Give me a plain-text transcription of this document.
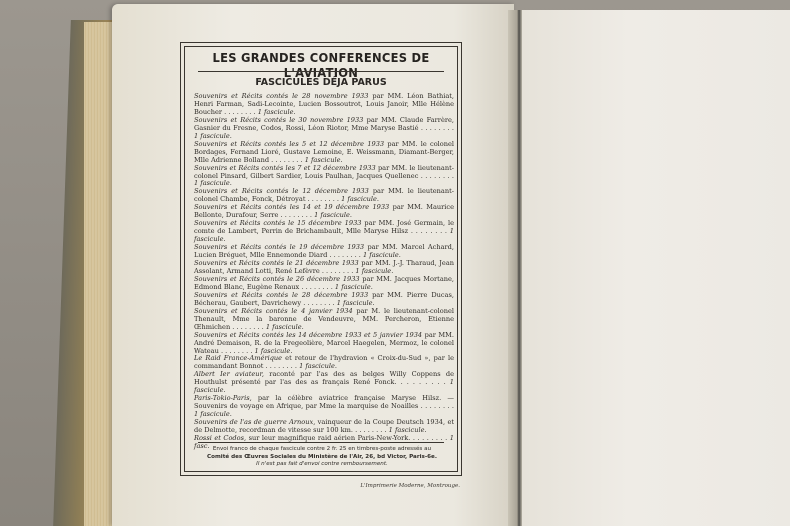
LES GRANDES CONFERENCES DE L'AVIATION
FASCICULES DÉJA PARUS

Souvenirs et Récits contés le 28 novembre 1933 par MM. Léon Bathiat, Henri Farman, Sadi-Lecointe, Lucien Bossoutrot, Louis Janoir, Mlle Hélène Boucher . . . . . . . . 1 fascicule.

Souvenirs et Récits contés le 30 novembre 1933 par MM. Claude Farrère, Gasnier du Fresne, Codos, Rossi, Léon Riotor, Mme Maryse Bastié . . . . . . . . 1 fascicule.

Souvenirs et Récits contés les 5 et 12 décembre 1933 par MM. le colonel Bordages, Fernand Lioré, Gustave Lemoine, E. Weissmann, Diamant-Berger, Mlle Adrienne Bolland . . . . . . . . 1 fascicule.

Souvenirs et Récits contés les 7 et 12 décembre 1933 par MM. le lieutenant-colonel Pinsard, Gilbert Sardier, Louis Paulhan, Jacques Quellenec . . . . . . . . 1 fascicule.

Souvenirs et Récits contés le 12 décembre 1933 par MM. le lieutenant-colonel Chambe, Fonck, Détroyat . . . . . . . . 1 fascicule.

Souvenirs et Récits contés les 14 et 19 décembre 1933 par MM. Maurice Bellonte, Durafour, Serre . . . . . . . . 1 fascicule.

Souvenirs et Récits contés le 15 décembre 1933 par MM. José Germain, le comte de Lambert, Perrin de Brichambault, Mlle Maryse Hilsz . . . . . . . . 1 fascicule.

Souvenirs et Récits contés le 19 décembre 1933 par MM. Marcel Achard, Lucien Bréguet, Mlle Ennemonde Diard . . . . . . . . 1 fascicule.

Souvenirs et Récits contés le 21 décembre 1933 par MM. J.-J. Tharaud, Jean Assolant, Armand Lotti, René Lefèvre . . . . . . . . 1 fascicule.

Souvenirs et Récits contés le 26 décembre 1933 par MM. Jacques Mortane, Edmond Blanc, Eugène Renaux . . . . . . . . 1 fascicule.

Souvenirs et Récits contés le 28 décembre 1933 par MM. Pierre Ducas, Bécherau, Gaubert, Davrichewy . . . . . . . . 1 fascicule.

Souvenirs et Récits contés le 4 janvier 1934 par M. le lieutenant-colonel Thenault, Mme la baronne de Vendeuvre, MM. Percheron, Etienne Œhmichen . . . . . . . . 1 fascicule.

Souvenirs et Récits contés les 14 décembre 1933 et 5 janvier 1934 par MM. André Demaison, R. de la Fregeolière, Marcel Haegelen, Mermoz, le colonel Wateau . . . . . . . . 1 fascicule.

Le Raid France-Amérique et retour de l'hydravion « Croix-du-Sud », par le commandant Bonnot . . . . . . . . 1 fascicule.

Albert Ier aviateur, raconté par l'as des as belges Willy Coppens de Houthulst présenté par l'as des as français René Fonck. . . . . . . . . 1 fascicule.

Paris-Tokio-Paris, par la célèbre aviatrice française Maryse Hilsz. — Souvenirs de voyage en Afrique, par Mme la marquise de Noailles . . . . . . . . 1 fascicule.

Souvenirs de l'as de guerre Arnoux, vainqueur de la Coupe Deutsch 1934, et de Delmotte, recordman de vitesse sur 100 km. . . . . . . . . 1 fascicule.

Rossi et Codos, sur leur magnifique raid aérien Paris-New-York. . . . . . . . . 1 fasc. Envoi franco de chaque fascicule contre 2 fr. 25 en timbres-poste adressés au
Comité des Œuvres Sociales du Ministère de l'Air, 26, bd Victor, Paris-6e.
Il n'est pas fait d'envoi contre remboursement.
L'Imprimerie Moderne, Montrouge.
